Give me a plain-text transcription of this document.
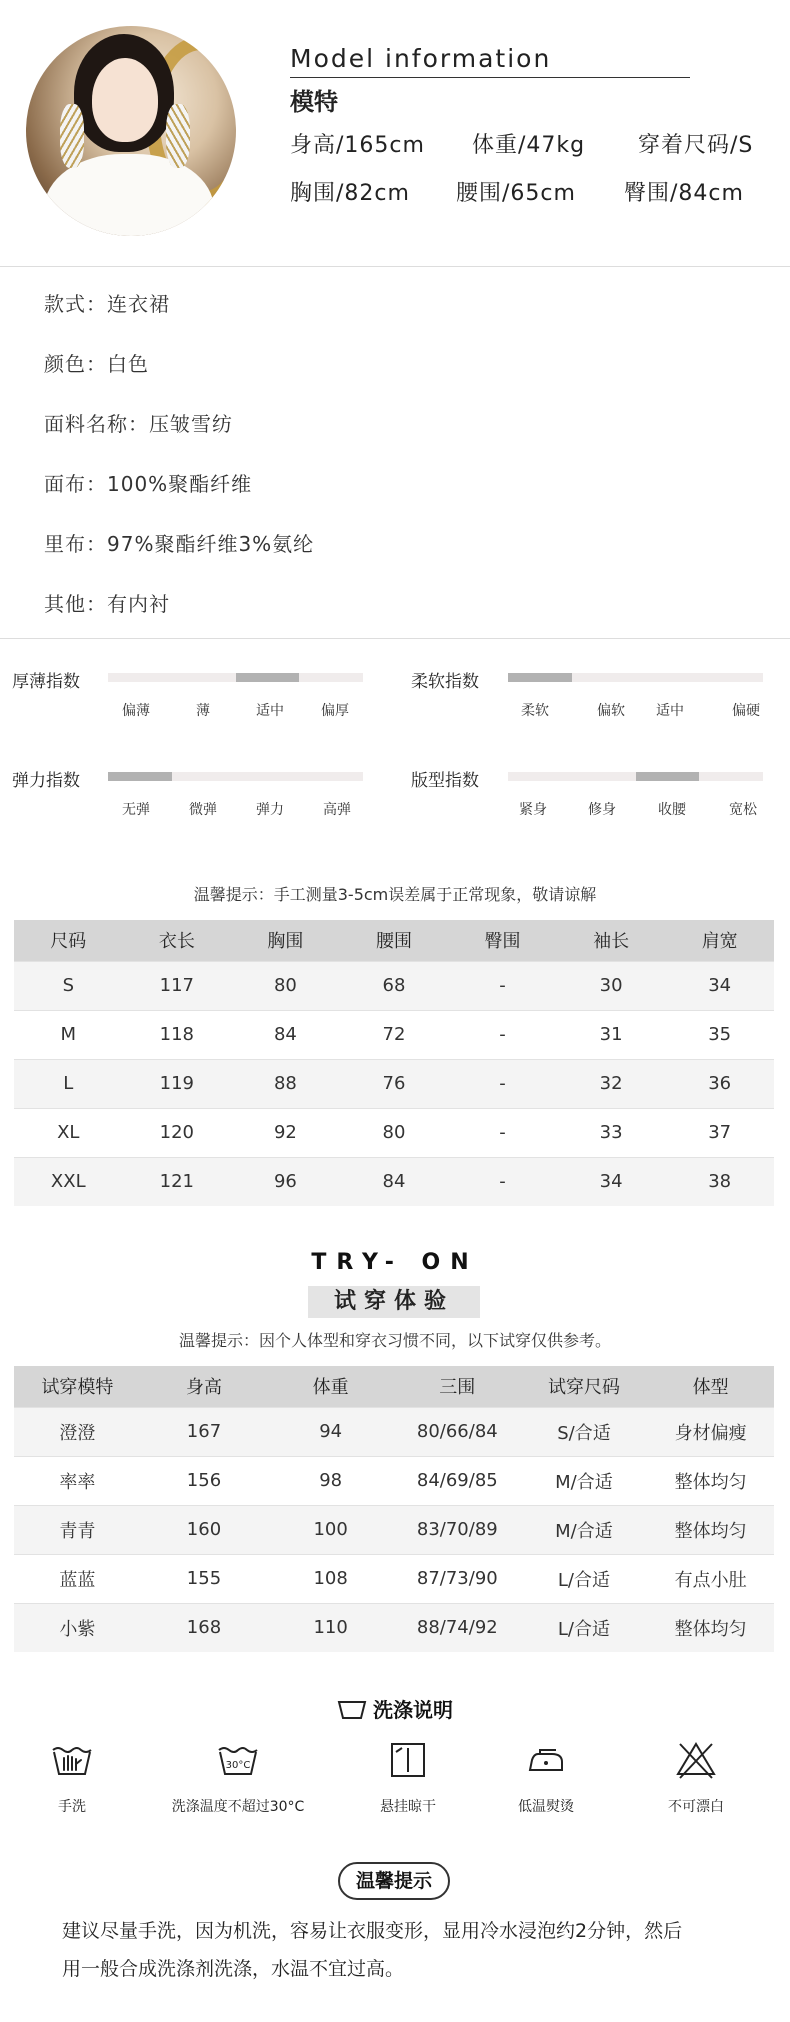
Model information
模特
身高/165cm 体重/47kg 穿着尺码/S
胸围/82cm 腰围/65cm 臀围/84cm
款式：连衣裙
颜色：白色
面料名称：压皱雪纺
面布：100%聚酯纤维
里布：97%聚酯纤维3%氨纶
其他：有内衬
厚薄指数
偏薄	薄	适中	偏厚
柔软指数
柔软	偏软 适中	偏硬
弹力指数
无弹	微弹	弹力	高弹
版型指数
紧身	修身	收腰	宽松
温馨提示：手工测量3-5cm误差属于正常现象，敬请谅解
尺码	衣长	胸围	腰围	臀围	袖长	肩宽
S	117	80	68	-	30	34
M	118	84	72	-	31	35
L	119	88	76	-	32	36
XL	120	92	80	-	33	37
XXL	121	96	84	-	34	38
TRY- ON
试穿体验
温馨提示：因个人体型和穿衣习惯不同，以下试穿仅供参考。
试穿模特	身高	体重	三围	试穿尺码	体型
澄澄	167	94	80/66/84	S/合适	身材偏瘦
率率	156	98	84/69/85	M/合适	整体均匀
青青	160	100	83/70/89	M/合适	整体均匀
蓝蓝	155	108	87/73/90	L/合适	有点小肚
小紫	168	110	88/74/92	L/合适	整体均匀
洗涤说明
手洗
30°C
洗涤温度不超过30°C	悬挂晾干	低温熨烫	不可漂白
温馨提示
建议尽量手洗，因为机洗，容易让衣服变形，显用冷水浸泡约2分钟，然后
用一般合成洗涤剂洗涤，水温不宜过高。
